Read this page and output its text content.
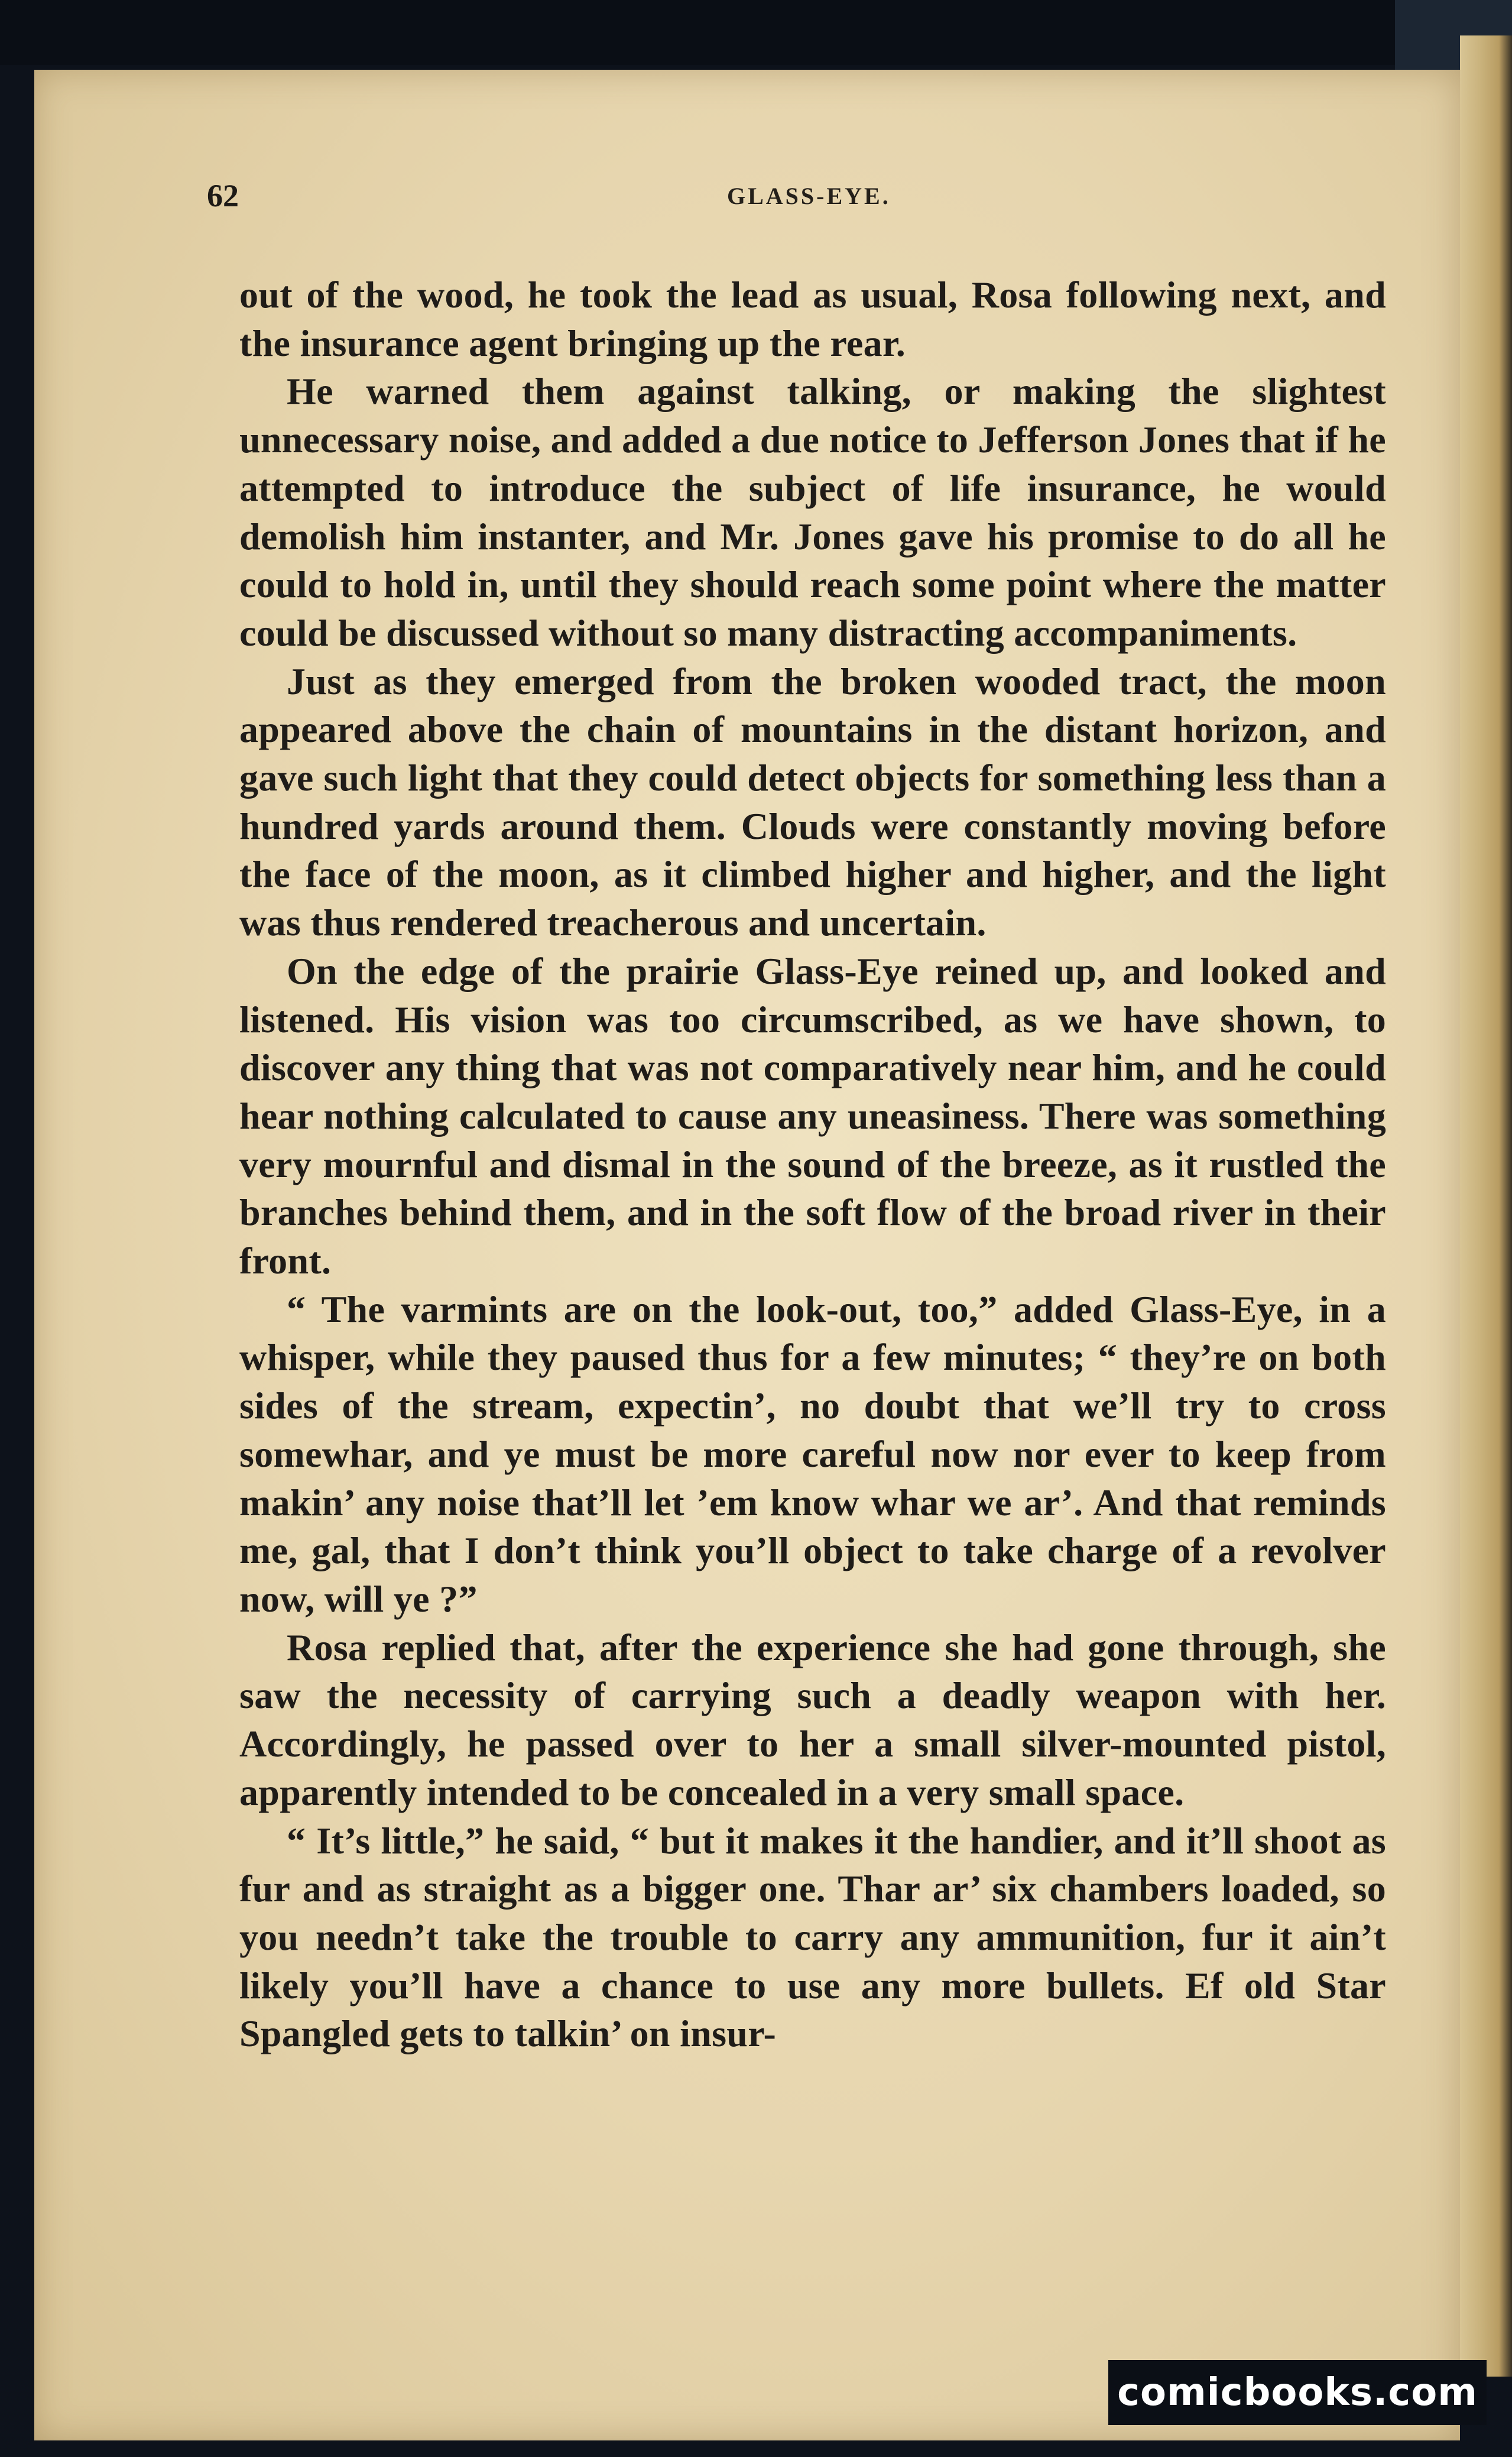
62	GLASS-EYE.

out of the wood, he took the lead as usual, Rosa following next, and the insurance agent bringing up the rear.

He warned them against talking, or making the slightest unnecessary noise, and added a due notice to Jefferson Jones that if he attempted to introduce the subject of life insurance, he would demolish him instanter, and Mr. Jones gave his promise to do all he could to hold in, until they should reach some point where the matter could be discussed without so many distracting accompaniments.

Just as they emerged from the broken wooded tract, the moon appeared above the chain of mountains in the distant horizon, and gave such light that they could detect objects for something less than a hundred yards around them. Clouds were constantly moving before the face of the moon, as it climbed higher and higher, and the light was thus rendered treacherous and uncertain.

On the edge of the prairie Glass-Eye reined up, and looked and listened. His vision was too circumscribed, as we have shown, to discover any thing that was not comparatively near him, and he could hear nothing calculated to cause any uneasiness. There was something very mournful and dismal in the sound of the breeze, as it rustled the branches behind them, and in the soft flow of the broad river in their front.

“ The varmints are on the look-out, too,” added Glass-Eye, in a whisper, while they paused thus for a few minutes; “ they’re on both sides of the stream, expectin’, no doubt that we’ll try to cross somewhar, and ye must be more careful now nor ever to keep from makin’ any noise that’ll let ’em know whar we ar’. And that reminds me, gal, that I don’t think you’ll object to take charge of a revolver now, will ye ?”

Rosa replied that, after the experience she had gone through, she saw the necessity of carrying such a deadly weapon with her. Accordingly, he passed over to her a small silver-mounted pistol, apparently intended to be concealed in a very small space.

“ It’s little,” he said, “ but it makes it the handier, and it’ll shoot as fur and as straight as a bigger one. Thar ar’ six chambers loaded, so you needn’t take the trouble to carry any ammunition, fur it ain’t likely you’ll have a chance to use any more bullets. Ef old Star Spangled gets to talkin’ on insur-

comicbooks.com
